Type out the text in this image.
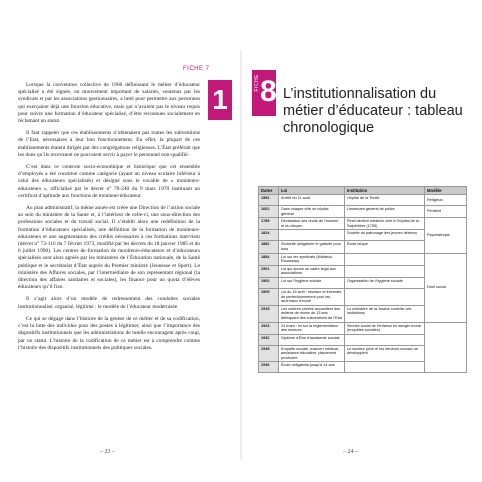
FICHE 7
1

Lorsque la convention collective de 1966 définissant le métier d’éducateur spécialisé a été signée, un mouvement important de salariés, soutenus par les syndicats et par les associations gestionnaires, a lutté pour permettre aux personnes qui exerçaient déjà une fonction éducative, mais qui n’avaient pas le niveau requis pour suivre une formation d’éducateur spécialisé, d’être reconnues socialement en réclamant un statut.

Il faut rappeler que ces établissements n’obtenaient pas toutes les subventions de l’Etat, nécessaires à leur bon fonctionnement. En effet, la plupart de ces établissements étaient dirigés par des congrégations religieuses. L’État préférait que les dons qu’ils recevaient ne pouvaient servir à payer le personnel non-qualifié.

C’est dans ce contexte socio-économique et historique que cet ensemble d’employés a été constitué comme catégorie (ayant un niveau scolaire inférieur à celui des éducateurs spécialisés) et désigné sous le vocable de « moniteurs-éducateurs », officialisé par le décret n° 70-240 du 9 mars 1970 instituant un certificat d’aptitude aux fonctions de moniteur-éducateur.

Au plan administratif, la même année est créée une Direction de l’action sociale au sein du ministère de la Santé et, à l’intérieur de celle-ci, une sous-direction des professions sociales et du travail social. Il s’établit alors une redéfinition de la formation d’éducateurs spécialisés, une définition de la formation de moniteurs-éducateurs et une augmentation des crédits nécessaires à ces formations intervient (décret n° 73-116 du 7 février 1973, modifié par les décrets du 18 janvier 1985 et du 6 juillet 1990). Les centres de formation de moniteurs-éducateurs et d’éducateurs spécialisés sont alors agréés par les ministères de l’Éducation nationale, de la Santé publique et le secrétariat d’État auprès du Premier ministre (Jeunesse et Sport). Le ministère des Affaires sociales, par l’intermédiaire de son représentant régional (la direction des affaires sanitaires et sociales), les finance pour un quota d’élèves éducateurs qu’il fixe.

Il s’agit alors d’un modèle de redressement des conduites sociales institutionnalisé, organisé, légitimé : le modèle de l’éducateur modernisée.

Ce qui se dégage dans l’histoire de la genèse de ce métier et de sa codification, c’est la lutte des individus pour des postes à légitimer, ainsi que l’importance des dispositifs institutionnels que les administrations de tutelle encouragent après coup, par un statut. L’histoire de la codification de ce métier est à comprendre comme l’histoire des dispositifs institutionnels des politiques sociales.

– 23 –
FICHE 8 L’institutionnalisation du métier d’éducateur : tableau chronologique
Dates	Loi	Institution	Modèle
1552	Arrêté du 11 août	Hôpital de la Trinité	Religieux
1662	Dans chaque ville un hôpital général	Lieutenant général de police	Pénitent
1789	Déclaration des droits de l’homme et du citoyen	Pinel devient médecin chef à l’hôpital de la Salpêtrière (1795)	Psychiatrique
1824		Société du patronage des jeunes détenus	
1882	Scolarité obligatoire et gratuite pour tous	École laïque	
1884	Loi sur les syndicats (Waldeck-Rousseau)		Droit social
1901	Loi qui donne un cadre légal aux associations		
1902	Loi sur l’hygiène sociale	Organisation de l’hygiène sociale	
1909	Loi du 15 avril : réseaux et internats de perfectionnement pour les anormaux d’école		
1915	Les centres privées accueillent des enfants de moins de 13 ans délinquant des subventions de l’Etat	Le ministère de la Justice contrôle ces institutions	
1923	24 mars : loi sur la réglementation des mineurs	Service social de l’enfance en danger moral (enquêtes sociales)	
1932	Diplôme d’État d’assistante sociale		
1935	Enquête sociale, examen médical, assistance éducative, placement provisoire	Le secteur privé et les services sociaux se développent	
1936	École obligatoire jusqu’à 14 ans		
– 24 –
